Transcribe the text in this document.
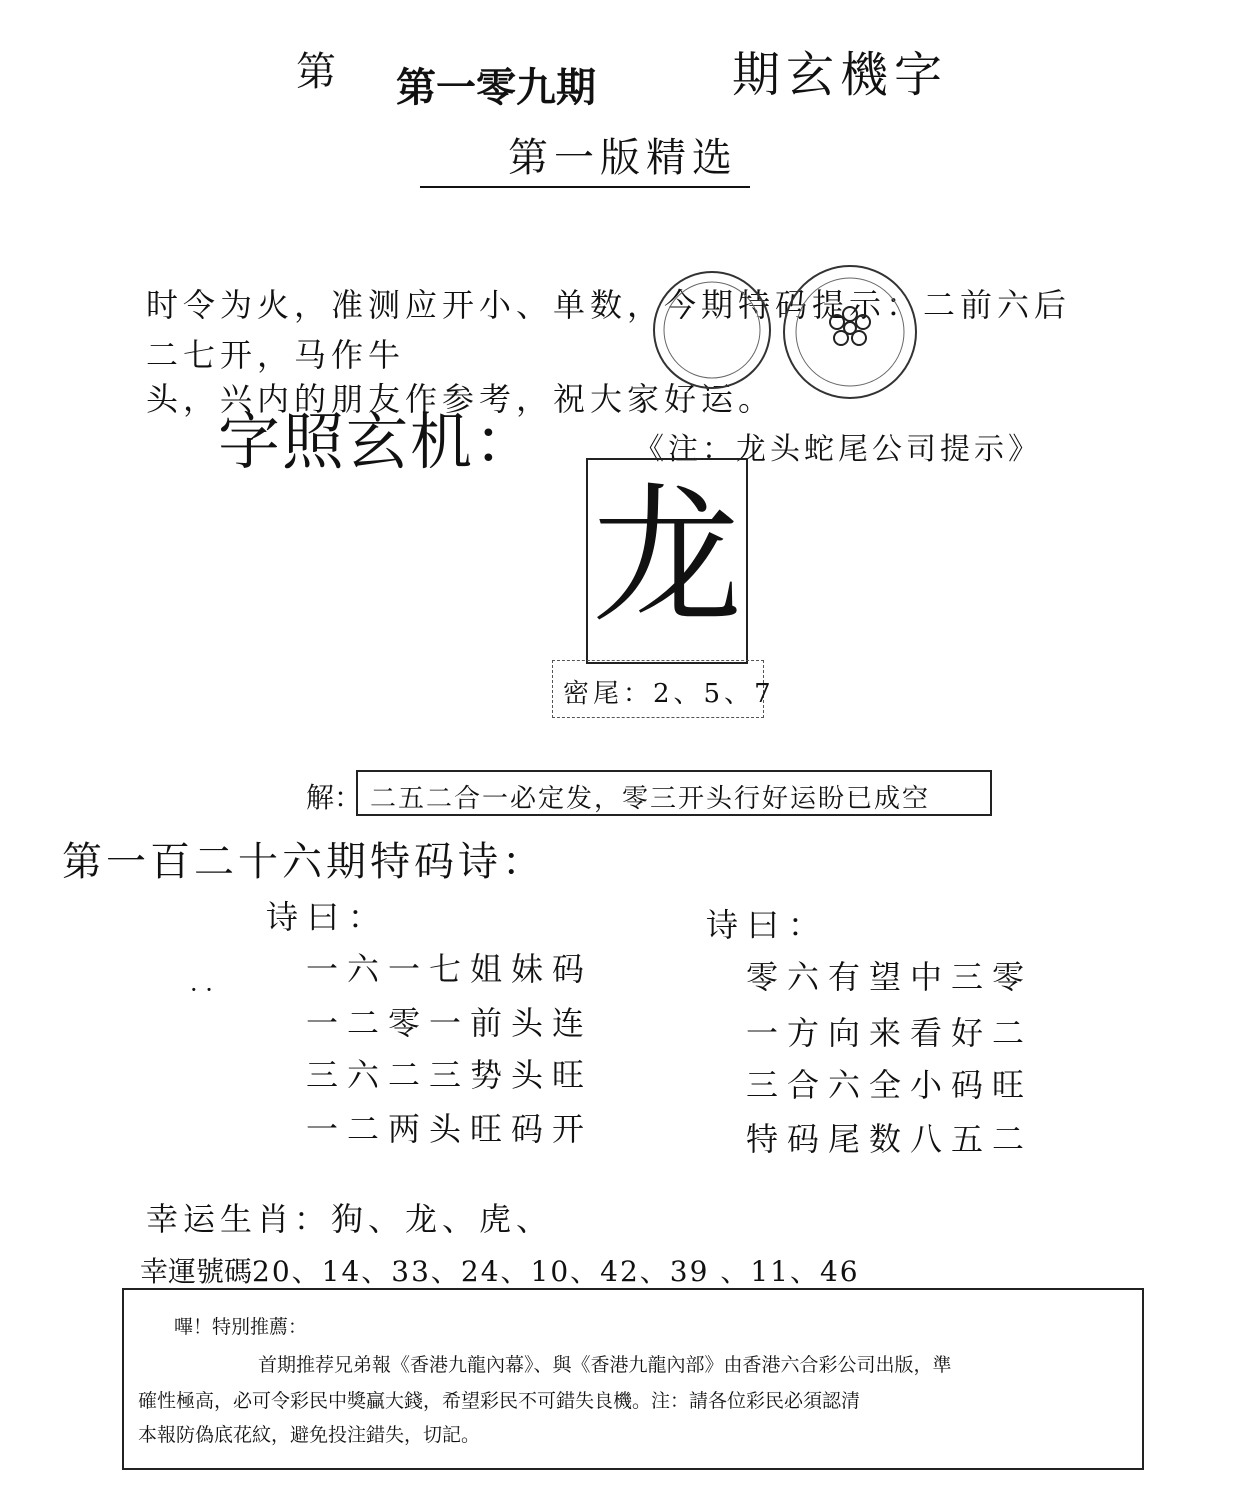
第 第一零九期	期玄機字
第一版精选
时令为火，准测应开小、单数，今期特码提示：二前六后
二七开，马作牛
头，兴内的朋友作参考，祝大家好运。
字照玄机：	《注：龙头蛇尾公司提示》
龙
密尾：2、5、7
解： 二五二合一必定发，零三开头行好运盼已成空
第一百二十六期特码诗：
诗曰：
一六一七姐妹码
一二零一前头连
三六二三势头旺
一二两头旺码开
· ·
诗曰：
零六有望中三零
一方向来看好二
三合六全小码旺
特码尾数八五二
幸运生肖：狗、龙、虎、
幸運號碼20、14、33、24、10、42、39 、11、46
嗶！特別推薦：
首期推荐兄弟報《香港九龍內幕》、與《香港九龍內部》由香港六合彩公司出版，準
確性極高，必可令彩民中獎贏大錢，希望彩民不可錯失良機。注：請各位彩民必須認清
本報防偽底花紋，避免投注錯失，切記。
